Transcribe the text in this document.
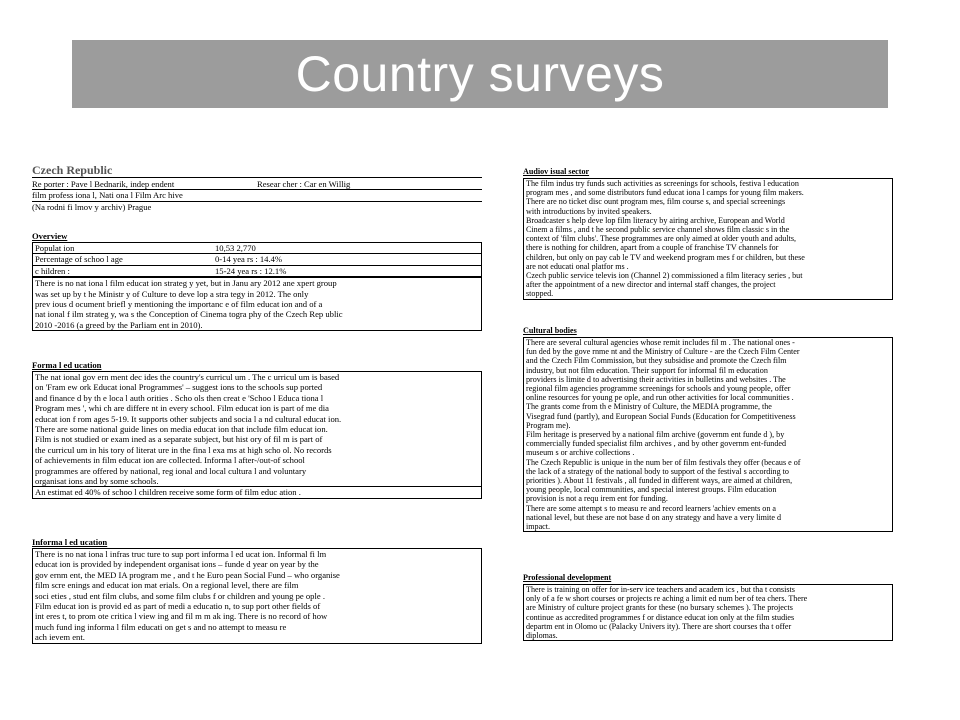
Country surveys
Czech Republic
Re porter : Pave l Bednarik, indep endent	Resear cher : Car en Willig
film profess iona l, Nati ona l Film Arc hive
(Na rodni fi lmov y archiv) Prague
Overview
Populat ion	10,53 2,770
Percentage of schoo l age	0-14 yea rs : 14.4%
c hildren :	15-24 yea rs : 12.1%

There is no nat iona l film educat ion strateg y yet, but in Janu ary 2012 ane xpert group

was set up by t he Ministr y of Culture to deve lop a stra tegy in 2012. The only

prev ious d ocument briefl y mentioning the importanc e of film educat ion and of a

nat ional f ilm strateg y, wa s the Conception of Cinema togra phy of the Czech Rep ublic

2010 -2016 (a greed by the Parliam ent in 2010).

Forma l ed ucation

The nat ional gov ern ment dec ides the country's curricul um . The c urricul um is based

on 'Fram ew ork Educat ional Programmes' – suggest ions to the schools sup ported

and finance d by th e loca l auth orities . Scho ols then creat e 'Schoo l Educa tiona l

Program mes ', whi ch are differe nt in every school. Film educat ion is part of me dia

educat ion f rom ages 5-19. It supports other subjects and socia l a nd cultural educat ion.

There are some national guide lines on media educat ion that include film educat ion.

Film is not studied or exam ined as a separate subject, but hist ory of fil m is part of

the curricul um in his tory of literat ure in the fina l exa ms at high scho ol. No records

of achievements in film educat ion are collected. Informa l after-/out-of school

programmes are offered by national, reg ional and local cultura l and voluntary

organisat ions and by some schools.

An estimat ed 40% of schoo l children receive some form of film educ ation .

Informa l ed ucation

There is no nat iona l infras truc ture to sup port informa l ed ucat ion. Informal fi lm

educat ion is provided by independent organisat ions – funde d year on year by the

gov ernm ent, the MED IA program me , and t he Euro pean Social Fund – who organise

film scre enings and educat ion mat erials. On a regional level, there are film

soci eties , stud ent film clubs, and some film clubs f or children and young pe ople .

Film educat ion is provid ed as part of medi a educatio n, to sup port other fields of

int eres t, to prom ote critica l view ing and fil m m ak ing. There is no record of how

much fund ing informa l film educati on get s and no attempt to measu re

ach ievem ent.

Audiov isual sector

The film indus try funds such activities as screenings for schools, festiva l education

program mes , and some distributors fund educat iona l camps for young film makers.

There are no ticket disc ount program mes, film course s, and special screenings

with introductions by invited speakers.

Broadcaster s help deve lop film literacy by airing archive, European and World

Cinem a films , and t he second public service channel shows film classic s in the

context of 'film clubs'. These programmes are only aimed at older youth and adults,

there is nothing for children, apart from a couple of franchise TV channels for

children, but only on pay cab le TV and weekend program mes f or children, but these

are not educati onal platfor ms .

Czech public service televis ion (Channel 2) commissioned a film literacy series , but

after the appointment of a new director and internal staff changes, the project

stopped.

Cultural bodies

There are several cultural agencies whose remit includes fil m . The national ones -

fun ded by the gove rnme nt and the Ministry of Culture - are the Czech Film Center

and the Czech Film Commission, but they subsidise and promote the Czech film

industry, but not film education. Their support for informal fil m education

providers is limite d to advertising their activities in bulletins and websites . The

regional film agencies programme screenings for schools and young people, offer

online resources for young pe ople, and run other activities for local communities .

The grants come from th e Ministry of Culture, the MEDIA programme, the

Visegrad fund (partly), and European Social Funds (Education for Competitiveness

Program me).

Film heritage is preserved by a national film archive (governm ent funde d ), by

commercially funded specialist film archives , and by other governm ent-funded

museum s or archive collections .

The Czech Republic is unique in the num ber of film festivals they offer (becaus e of

the lack of a strategy of the national body to support of the festival s according to

priorities ). About 11 festivals , all funded in different ways, are aimed at children,

young people, local communities, and special interest groups. Film education

provision is not a requ irem ent for funding.

There are some attempt s to measu re and record learners 'achiev ements on a

national level, but these are not base d on any strategy and have a very limite d

impact.

Professional development

There is training on offer for in-serv ice teachers and academ ics , but tha t consists

only of a fe w short courses or projects re aching a limit ed num ber of tea chers. There

are Ministry of culture project grants for these (no bursary schemes ). The projects

continue as accredited programmes f or distance educat ion only at the film studies

departm ent in Olomo uc (Palacky Univers ity). There are short courses tha t offer

diplomas.
